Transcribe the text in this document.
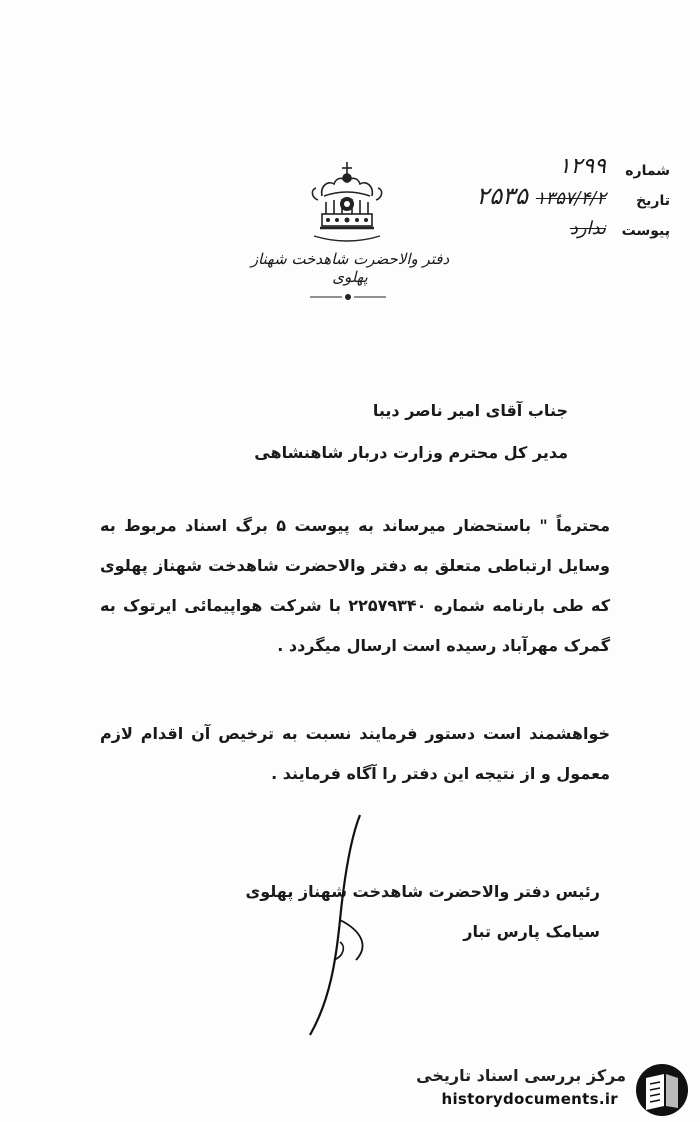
شماره
۱۲۹۹
تاریخ
۱۳۵۷/۴/۲
۲۵۳۵
پیوست
ندارد
دفتر والاحضرت شاهدخت شهناز پهلوی
جناب آقای امیر ناصر دیبا
مدیر کل محترم وزارت دربار شاهنشاهی
محترماً " باستحضار میرساند به پیوست ۵ برگ اسناد مربوط به وسایل ارتباطی متعلق به دفتر والاحضرت شاهدخت شهناز پهلوی که طی بارنامه شماره ۲۲۵۷۹۳۴۰ با شرکت هواپیمائی ایرتوک به گمرک مهرآباد رسیده است ارسال میگردد .
خواهشمند است دستور فرمایند نسبت به ترخیص آن اقدام لازم معمول و از نتیجه این دفتر را آگاه فرمایند .
رئیس دفتر والاحضرت شاهدخت شهناز پهلوی
سیامک پارس تبار
مرکز بررسی اسناد تاریخی
historydocuments.ir
